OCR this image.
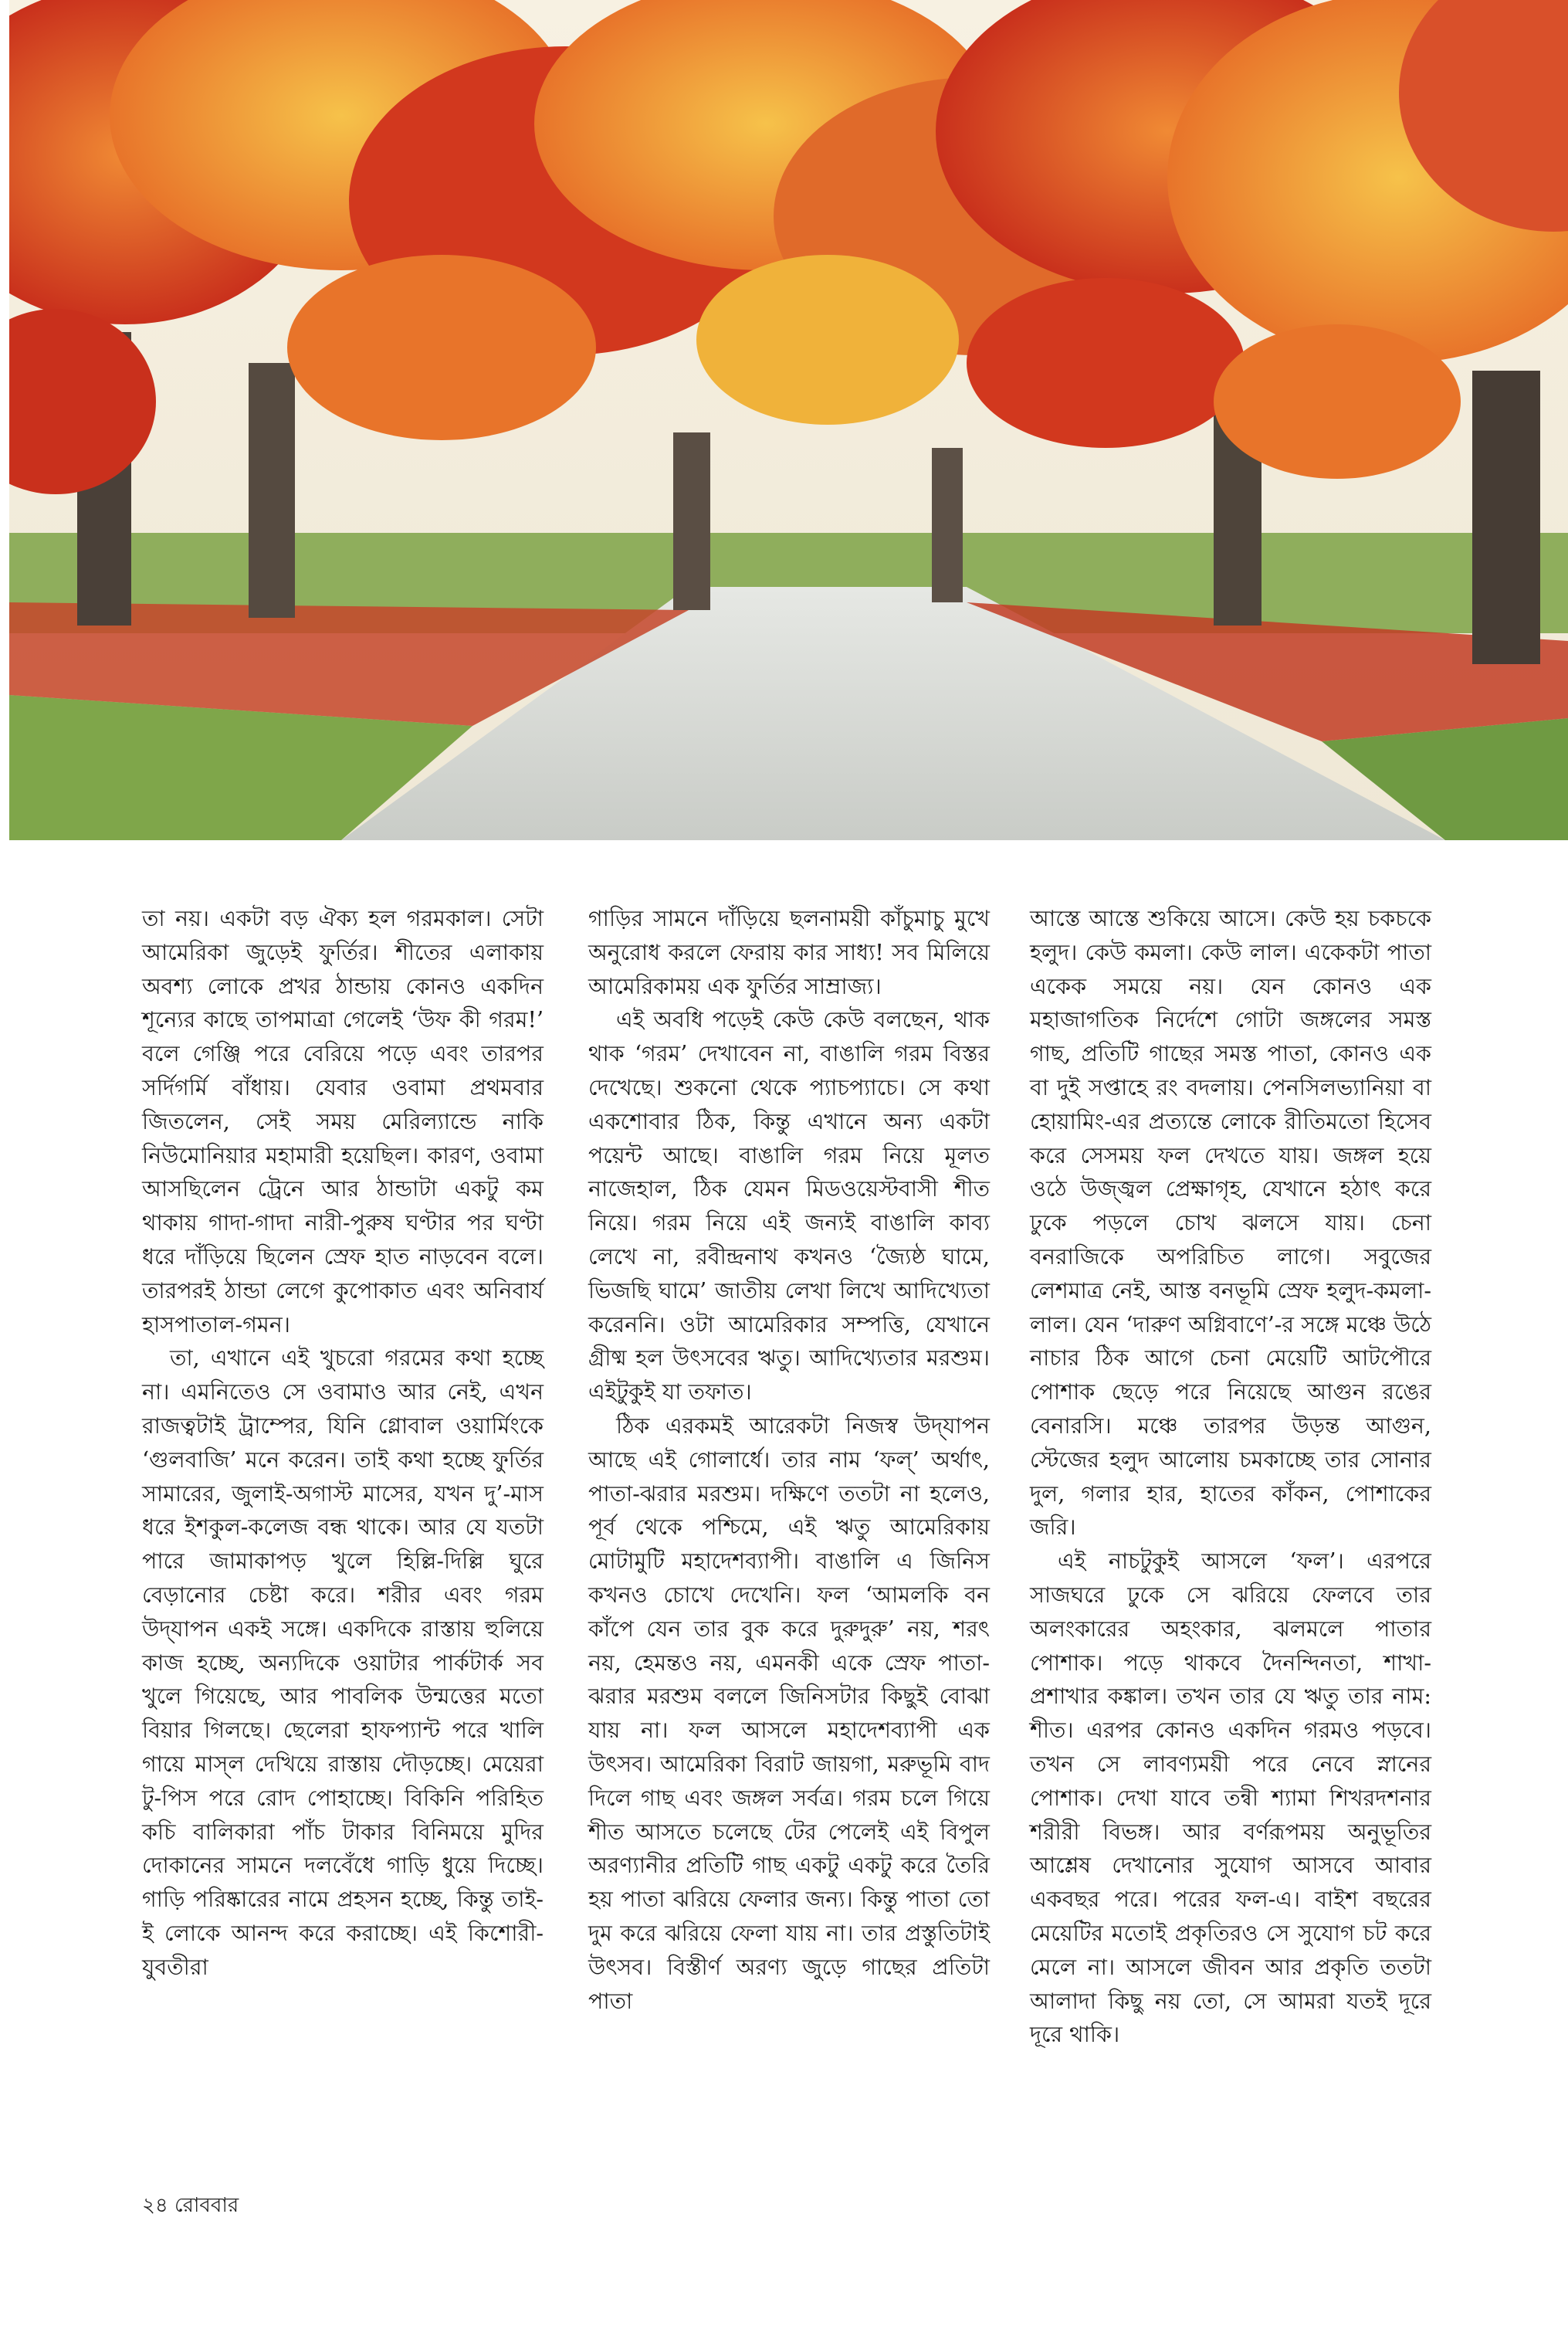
তা নয়। একটা বড় ঐক্য হল গরমকাল। সেটা আমেরিকা জুড়েই ফুর্তির। শীতের এলাকায় অবশ্য লোকে প্রখর ঠান্ডায় কোনও একদিন শূন্যের কাছে তাপমাত্রা গেলেই ‘উফ কী গরম!’ বলে গেঞ্জি পরে বেরিয়ে পড়ে এবং তারপর সর্দিগর্মি বাঁধায়। যেবার ওবামা প্রথমবার জিতলেন, সেই সময় মেরিল্যান্ডে নাকি নিউমোনিয়ার মহামারী হয়েছিল। কারণ, ওবামা আসছিলেন ট্রেনে আর ঠান্ডাটা একটু কম থাকায় গাদা-গাদা নারী-পুরুষ ঘণ্টার পর ঘণ্টা ধরে দাঁড়িয়ে ছিলেন স্রেফ হাত নাড়বেন বলে। তারপরই ঠান্ডা লেগে কুপোকাত এবং অনিবার্য হাসপাতাল-গমন।

তা, এখানে এই খুচরো গরমের কথা হচ্ছে না। এমনিতেও সে ওবামাও আর নেই, এখন রাজত্বটাই ট্রাম্পের, যিনি গ্লোবাল ওয়ার্মিংকে ‘গুলবাজি’ মনে করেন। তাই কথা হচ্ছে ফুর্তির সামারের, জুলাই-অগাস্ট মাসের, যখন দু’-মাস ধরে ইশকুল-কলেজ বন্ধ থাকে। আর যে যতটা পারে জামাকাপড় খুলে হিল্লি-দিল্লি ঘুরে বেড়ানোর চেষ্টা করে। শরীর এবং গরম উদ্‌যাপন একই সঙ্গে। একদিকে রাস্তায় হুলিয়ে কাজ হচ্ছে, অন্যদিকে ওয়াটার পার্কটার্ক সব খুলে গিয়েছে, আর পাবলিক উন্মত্তের মতো বিয়ার গিলছে। ছেলেরা হাফপ্যান্ট পরে খালি গায়ে মাস্‌ল দেখিয়ে রাস্তায় দৌড়চ্ছে। মেয়েরা টু-পিস পরে রোদ পোহাচ্ছে। বিকিনি পরিহিত কচি বালিকারা পাঁচ টাকার বিনিময়ে মুদির দোকানের সামনে দলবেঁধে গাড়ি ধুয়ে দিচ্ছে। গাড়ি পরিষ্কারের নামে প্রহসন হচ্ছে, কিন্তু তাই-ই লোকে আনন্দ করে করাচ্ছে। এই কিশোরী-যুবতীরা

গাড়ির সামনে দাঁড়িয়ে ছলনাময়ী কাঁচুমাচু মুখে অনুরোধ করলে ফেরায় কার সাধ্য! সব মিলিয়ে আমেরিকাময় এক ফুর্তির সাম্রাজ্য।

এই অবধি পড়েই কেউ কেউ বলছেন, থাক থাক ‘গরম’ দেখাবেন না, বাঙালি গরম বিস্তর দেখেছে। শুকনো থেকে প্যাচপ্যাচে। সে কথা একশোবার ঠিক, কিন্তু এখানে অন্য একটা পয়েন্ট আছে। বাঙালি গরম নিয়ে মূলত নাজেহাল, ঠিক যেমন মিডওয়েস্টবাসী শীত নিয়ে। গরম নিয়ে এই জন্যই বাঙালি কাব্য লেখে না, রবীন্দ্রনাথ কখনও ‘জ্যৈষ্ঠ ঘামে, ভিজছি ঘামে’ জাতীয় লেখা লিখে আদিখ্যেতা করেননি। ওটা আমেরিকার সম্পত্তি, যেখানে গ্রীষ্ম হল উৎসবের ঋতু। আদিখ্যেতার মরশুম। এইটুকুই যা তফাত।

ঠিক এরকমই আরেকটা নিজস্ব উদ্‌যাপন আছে এই গোলার্ধে। তার নাম ‘ফল্’ অর্থাৎ, পাতা-ঝরার মরশুম। দক্ষিণে ততটা না হলেও, পূর্ব থেকে পশ্চিমে, এই ঋতু আমেরিকায় মোটামুটি মহাদেশব্যাপী। বাঙালি এ জিনিস কখনও চোখে দেখেনি। ফল ‘আমলকি বন কাঁপে যেন তার বুক করে দুরুদুরু’ নয়, শরৎ নয়, হেমন্তও নয়, এমনকী একে স্রেফ পাতা-ঝরার মরশুম বললে জিনিসটার কিছুই বোঝা যায় না। ফল আসলে মহাদেশব্যাপী এক উৎসব। আমেরিকা বিরাট জায়গা, মরুভূমি বাদ দিলে গাছ এবং জঙ্গল সর্বত্র। গরম চলে গিয়ে শীত আসতে চলেছে টের পেলেই এই বিপুল অরণ্যানীর প্রতিটি গাছ একটু একটু করে তৈরি হয় পাতা ঝরিয়ে ফেলার জন্য। কিন্তু পাতা তো দুম করে ঝরিয়ে ফেলা যায় না। তার প্রস্তুতিটাই উৎসব। বিস্তীর্ণ অরণ্য জুড়ে গাছের প্রতিটা পাতা

আস্তে আস্তে শুকিয়ে আসে। কেউ হয় চকচকে হলুদ। কেউ কমলা। কেউ লাল। একেকটা পাতা একেক সময়ে নয়। যেন কোনও এক মহাজাগতিক নির্দেশে গোটা জঙ্গলের সমস্ত গাছ, প্রতিটি গাছের সমস্ত পাতা, কোনও এক বা দুই সপ্তাহে রং বদলায়। পেনসিলভ্যানিয়া বা হোয়ামিং-এর প্রত্যন্তে লোকে রীতিমতো হিসেব করে সেসময় ফল দেখতে যায়। জঙ্গল হয়ে ওঠে উজ্জ্বল প্রেক্ষাগৃহ, যেখানে হঠাৎ করে ঢুকে পড়লে চোখ ঝলসে যায়। চেনা বনরাজিকে অপরিচিত লাগে। সবুজের লেশমাত্র নেই, আস্ত বনভূমি স্রেফ হলুদ-কমলা-লাল। যেন ‘দারুণ অগ্নিবাণে’-র সঙ্গে মঞ্চে উঠে নাচার ঠিক আগে চেনা মেয়েটি আটপৌরে পোশাক ছেড়ে পরে নিয়েছে আগুন রঙের বেনারসি। মঞ্চে তারপর উড়ন্ত আগুন, স্টেজের হলুদ আলোয় চমকাচ্ছে তার সোনার দুল, গলার হার, হাতের কাঁকন, পোশাকের জরি।

এই নাচটুকুই আসলে ‘ফল’। এরপরে সাজঘরে ঢুকে সে ঝরিয়ে ফেলবে তার অলংকারের অহংকার, ঝলমলে পাতার পোশাক। পড়ে থাকবে দৈনন্দিনতা, শাখা-প্রশাখার কঙ্কাল। তখন তার যে ঋতু তার নাম: শীত। এরপর কোনও একদিন গরমও পড়বে। তখন সে লাবণ্যময়ী পরে নেবে স্নানের পোশাক। দেখা যাবে তন্বী শ্যামা শিখরদশনার শরীরী বিভঙ্গ। আর বর্ণরূপময় অনুভূতির আশ্লেষ দেখানোর সুযোগ আসবে আবার একবছর পরে। পরের ফল-এ। বাইশ বছরের মেয়েটির মতোই প্রকৃতিরও সে সুযোগ চট করে মেলে না। আসলে জীবন আর প্রকৃতি ততটা আলাদা কিছু নয় তো, সে আমরা যতই দূরে দূরে থাকি।

২৪ রোববার
